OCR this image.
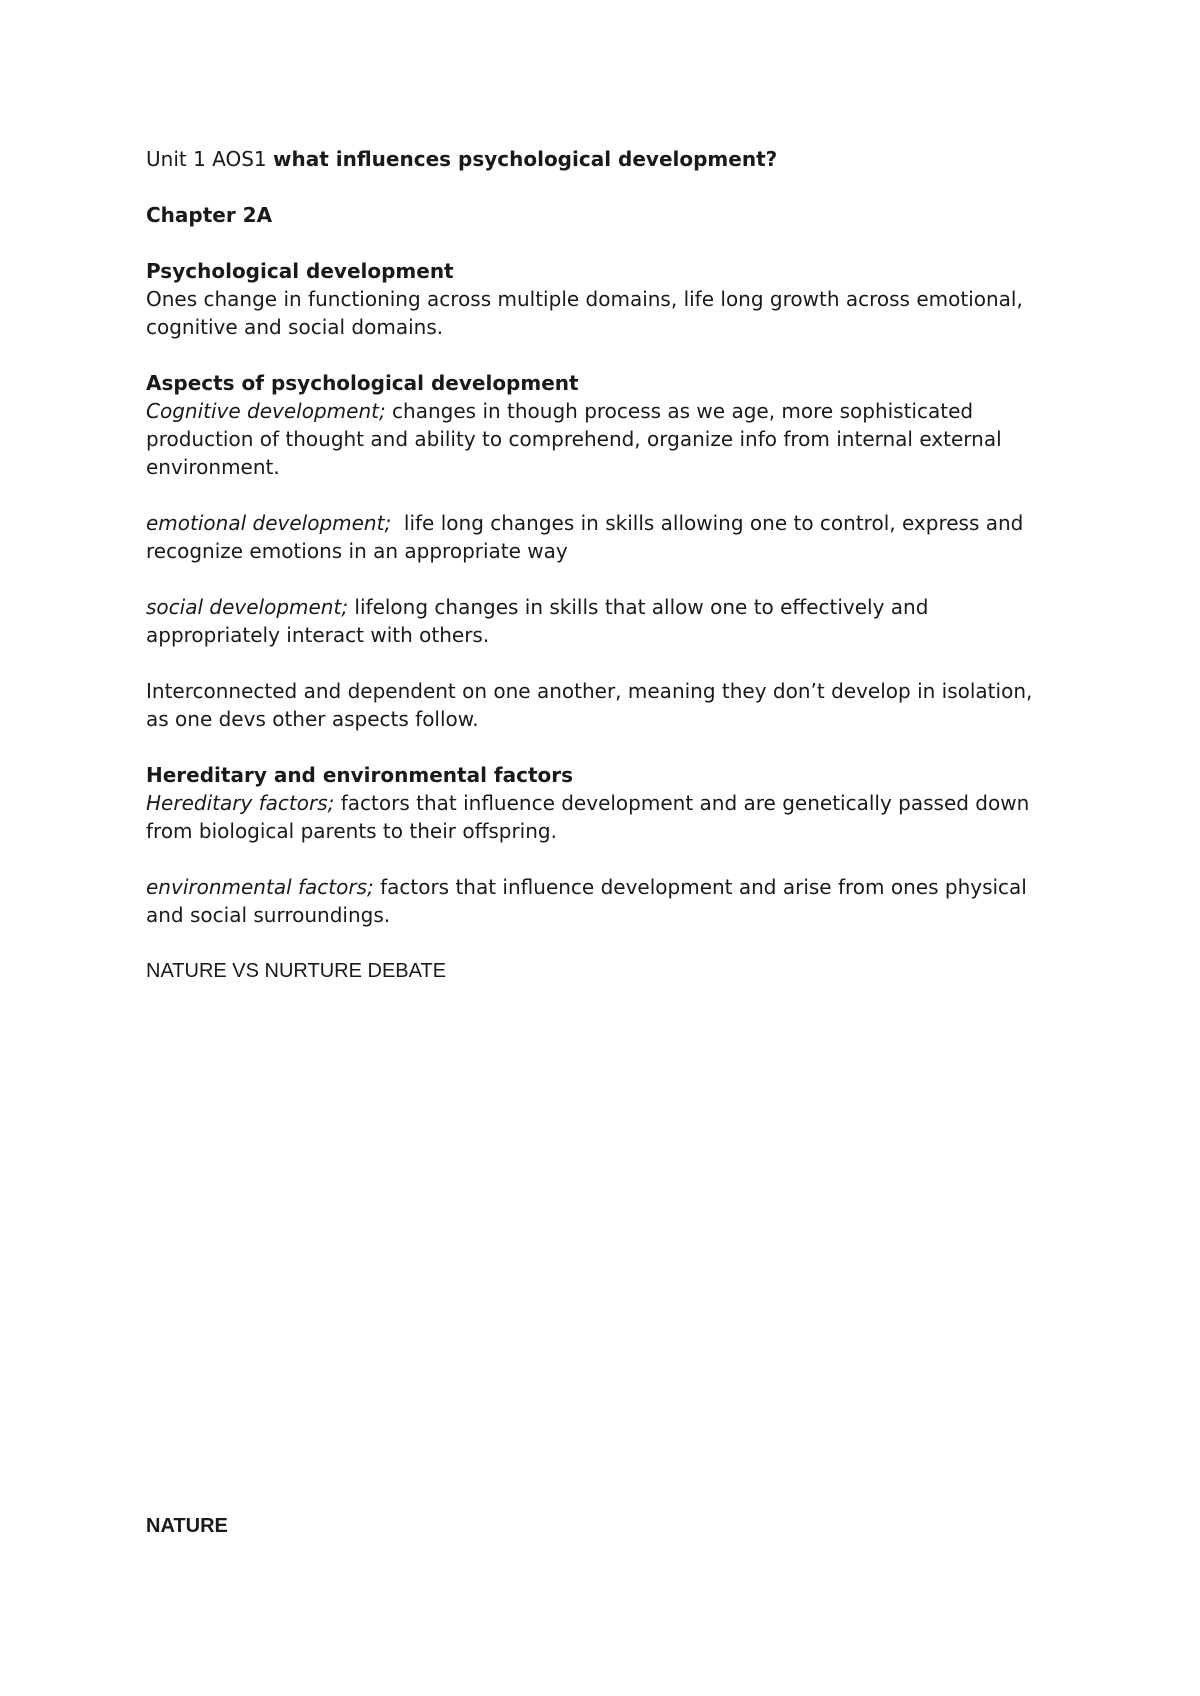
Unit 1 AOS1 what influences psychological development?

Chapter 2A

Psychological development

Ones change in functioning across multiple domains, life long growth across emotional, cognitive and social domains.

Aspects of psychological development

Cognitive development; changes in though process as we age, more sophisticated production of thought and ability to comprehend, organize info from internal external environment.

emotional development;  life long changes in skills allowing one to control, express and recognize emotions in an appropriate way

social development; lifelong changes in skills that allow one to effectively and appropriately interact with others.

Interconnected and dependent on one another, meaning they don’t develop in isolation, as one devs other aspects follow.

Hereditary and environmental factors

Hereditary factors; factors that influence development and are genetically passed down from biological parents to their offspring.

environmental factors; factors that influence development and arise from ones physical and social surroundings.

NATURE VS NURTURE DEBATE

NATURE
